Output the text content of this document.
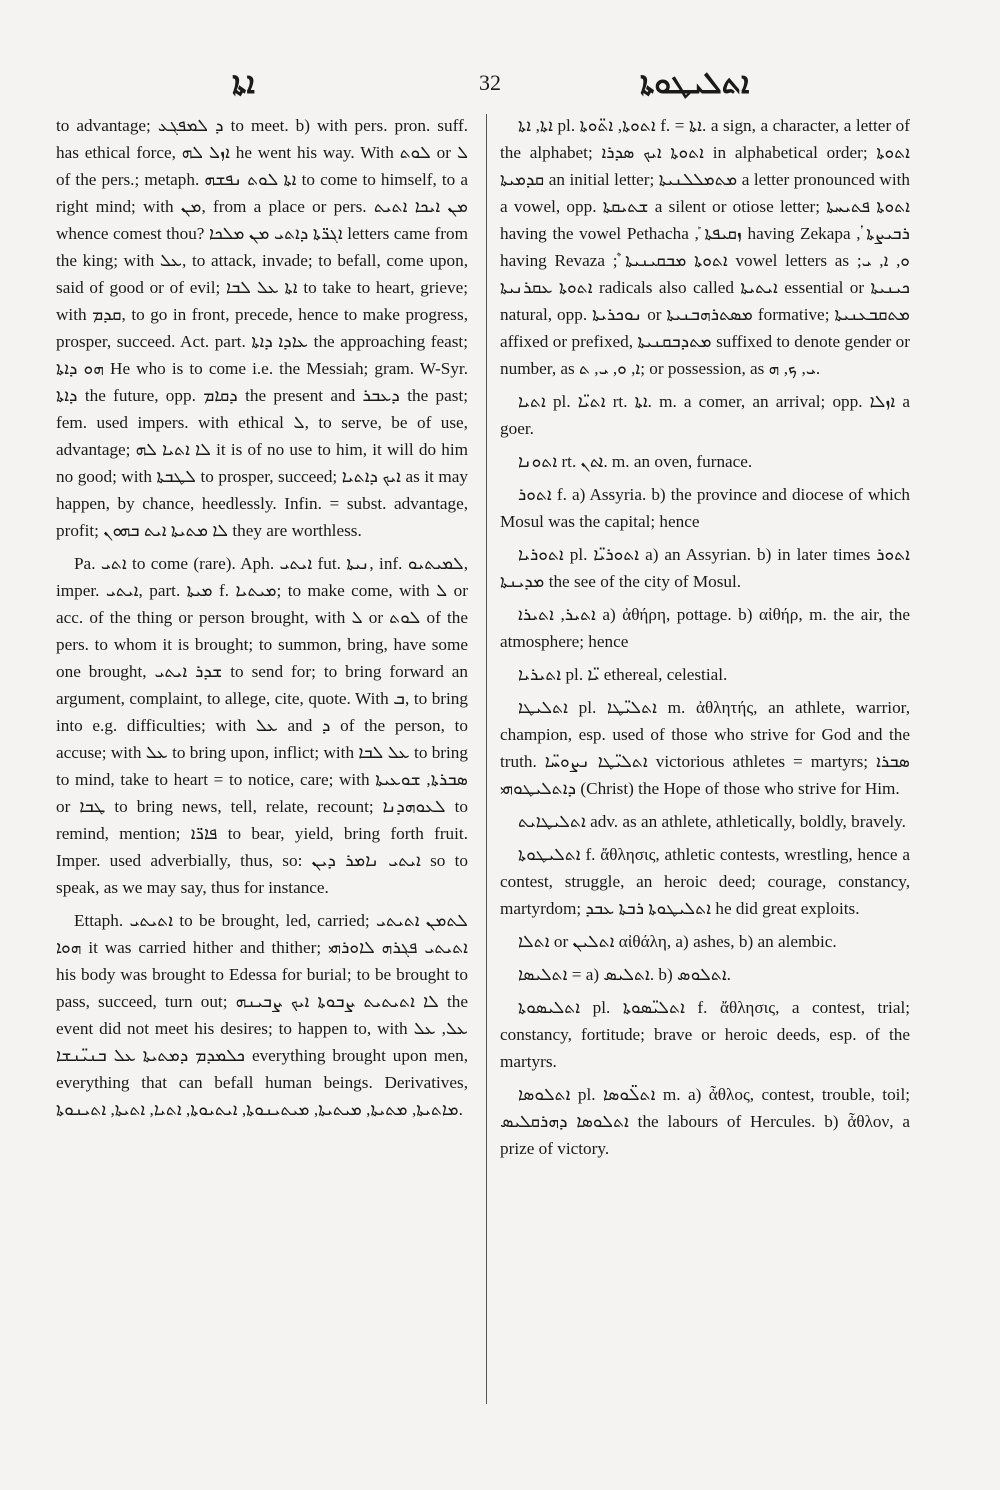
ܐܬܐ	32	ܐܬܠܝܛܘܬܐ

to advantage; ܕ ܠܡܦܓܥ to meet. b) with pers. pron. suff. has ethical force, ܐܙܠ ܠܗ he went his way. With ܠܘܬ or ܠ of the pers.; metaph. ܐܬܐ ܠܘܬ ܢܦܫܗ to come to himself, to a right mind; with ܡܢ, from a place or pers. ܡܢ ܐܝܟܐ ܐܬܝܬ whence comest thou? ܐܓܪ̈ܬܐ ܕܐܬܝ ܡܢ ܡܠܟܐ letters came from the king; with ܥܠ, to attack, invade; to befall, come upon, said of good or of evil; ܐܬܐ ܥܠ ܠܒܐ to take to heart, grieve; with ܩܕܡ, to go in front, precede, hence to make progress, prosper, succeed. Act. part. ܥܐܕܐ ܕܐܬܐ the approaching feast; ܗܘ ܕܐܬܐ He who is to come i.e. the Messiah; gram. W-Syr. ܕܐܬܐ the future, opp. ܕܩܐܡ the present and ܕܥܒܪ the past; fem. used impers. with ethical ܠ, to serve, be of use, advantage; ܠܐ ܐܬܝܐ ܠܗ it is of no use to him, it will do him no good; with ܠܛܒܬܐ to prosper, succeed; ܐܝܟ ܕܐܬܝܐ as it may happen, by chance, heedlessly. Infin. = subst. advantage, profit; ܠܐ ܡܬܝܬܐ ܐܝܬ ܒܗܘܢ they are worthless.

Pa. ܐܬܝ to come (rare). Aph. ܐܝܬܝ fut. ܢܝܬܐ, inf. ܠܡܝܬܝܘ, imper. ܐܝܬܝ, part. ܡܝܬܐ f. ܡܝܬܝܐ; to make come, with ܠ or acc. of the thing or person brought, with ܠ or ܠܘܬ of the pers. to whom it is brought; to summon, bring, have some one brought, ܫܕܪ ܐܝܬܝ to send for; to bring forward an argument, complaint, to allege, cite, quote. With ܒ, to bring into e.g. difficulties; with ܥܠ and ܕ of the person, to accuse; with ܥܠ to bring upon, inflict; with ܥܠ ܠܒܐ to bring to mind, take to heart = to notice, care; with ܣܒܪܬܐ, ܫܘܥܝܬܐ or ܛܒܐ to bring news, tell, relate, recount; ܠܥܘܗܕܢܐ to remind, mention; ܦܐܪ̈ܐ to bear, yield, bring forth fruit. Imper. used adverbially, thus, so: ܐܝܬܝ ܢܐܡܪ ܕܝܢ so to speak, as we may say, thus for instance.

Ettaph. ܐܬܝܬܝ to be brought, led, carried; ܠܬܡܢ ܐܬܝܬܝ ܗܘܐ it was carried hither and thither; ܐܬܝܬܝ ܦܓܪܗ ܠܐܘܪܗܝ his body was brought to Edessa for burial; to be brought to pass, succeed, turn out; ܠܐ ܐܬܝܬܝܬ ܨܒܘܬܐ ܐܝܟ ܨܒܝܢܗ the event did not meet his desires; to happen to, with ܥܠ, ܥܠ ܟܠܡܕܡ ܕܡܬܝܬܐ ܥܠ ܒܢܝ̈ܢܫܐ everything brought upon men, everything that can befall human beings. Derivatives, ܡܐܬܝܬܐ, ܡܬܝܬܐ, ܡܝܬܝܬܐ, ܡܝܬܝܢܘܬܐ, ܐܝܬܝܘܬܐ, ܐܬܝܐ, ܐܬܝܬܐ, ܐܬܝܢܘܬܐ.

ܐܬܐ, ܐܬܐ pl. ܐܬܘܬܐ, ܐܬ̈ܘܬܐ f. = ܐܬܐ. a sign, a character, a letter of the alphabet; ܐܬܘܬܐ ܐܝܟ ܣܕܪܐ in alphabetical order; ܐܬܘܬܐ ܩܕܡܝܬܐ an initial letter; ܡܬܡܠܠܢܝܬܐ a letter pronounced with a vowel, opp. ܫܬܝܩܬܐ a silent or otiose letter; ܐܬܘܬܐ ܦܬܝܚܬܐ having the vowel Pethacha ܰ, ܙܩܝܦܬܐ having Zekapa ܳ, ܪܒܝܨܬܐ having Revaza ܶ; ܐܬܘܬܐ ܡܒܩܝܢܝܬܐ vowel letters as ܘ, ܐ, ܝ; ܐܬܘܬܐ ܥܩܪܢܝܬܐ radicals also called ܐܝܬܝܬܐ essential or ܟܝܢܝܬܐ natural, opp. ܢܘܟܪܝܬܐ or ܡܣܬܪܗܒܢܝܬܐ formative; ܡܬܩܒܥܢܝܬܐ affixed or prefixed, ܡܬܕܒܩܢܝܬܐ suffixed to denote gender or number, as ܐ, ܘ, ܝ, ܬ; or possession, as ܝ, ܟ, ܗ.

ܐܬܝܐ pl. ܐܬܝ̈ܐ rt. ܐܬܐ. m. a comer, an arrival; opp. ܐܙܠܐ a goer.

ܐܬܘܢܐ rt. ܐܬܢ. m. an oven, furnace.

ܐܬܘܪ f. a) Assyria. b) the province and diocese of which Mosul was the capital; hence

ܐܬܘܪܝܐ pl. ܐܬܘܪܝ̈ܐ a) an Assyrian. b) in later times ܐܬܘܪ ܡܕܝܢܬܐ the see of the city of Mosul.

ܐܬܝܪ, ܐܬܝܪܐ a) ἀθήρη, pottage. b) αἰθήρ, m. the air, the atmosphere; hence

ܐܬܝܪܝܐ pl. ܝ̈ܐ ethereal, celestial.

ܐܬܠܝܛܐ pl. ܐܬܠܝ̈ܛܐ m. ἀθλητής, an athlete, warrior, champion, esp. used of those who strive for God and the truth. ܐܬܠܝ̈ܛܐ ܢܨܘܚ̈ܐ victorious athletes = martyrs; ܣܒܪܐ ܕܐܬܠܝܛܘܗܝ (Christ) the Hope of those who strive for Him.

ܐܬܠܝܛܐܝܬ adv. as an athlete, athletically, boldly, bravely.

ܐܬܠܝܛܘܬܐ f. ἄθλησις, athletic contests, wrestling, hence a contest, struggle, an heroic deed; courage, constancy, martyrdom; ܐܬܠܝܛܘܬܐ ܪܒܬܐ ܥܒܕ he did great exploits.

ܐܬܠܐ or ܐܬܠܝܢ αἰθάλη, a) ashes, b) an alembic.

ܐܬܠܝܣܐ = a) ܐܬܠܝܣ. b) ܐܬܠܘܣ.

ܐܬܠܝܣܘܬܐ pl. ܐܬܠܝ̈ܣܘܬܐ f. ἄθλησις, a contest, trial; constancy, fortitude; brave or heroic deeds, esp. of the martyrs.

ܐܬܠܘܣܐ pl. ܐܬܠ̈ܘܣܐ m. a) ἆθλος, contest, trouble, toil; ܐܬܠܘܣܐ ܕܗܪܩܠܝܣ the labours of Hercules. b) ἆθλον, a prize of victory.
